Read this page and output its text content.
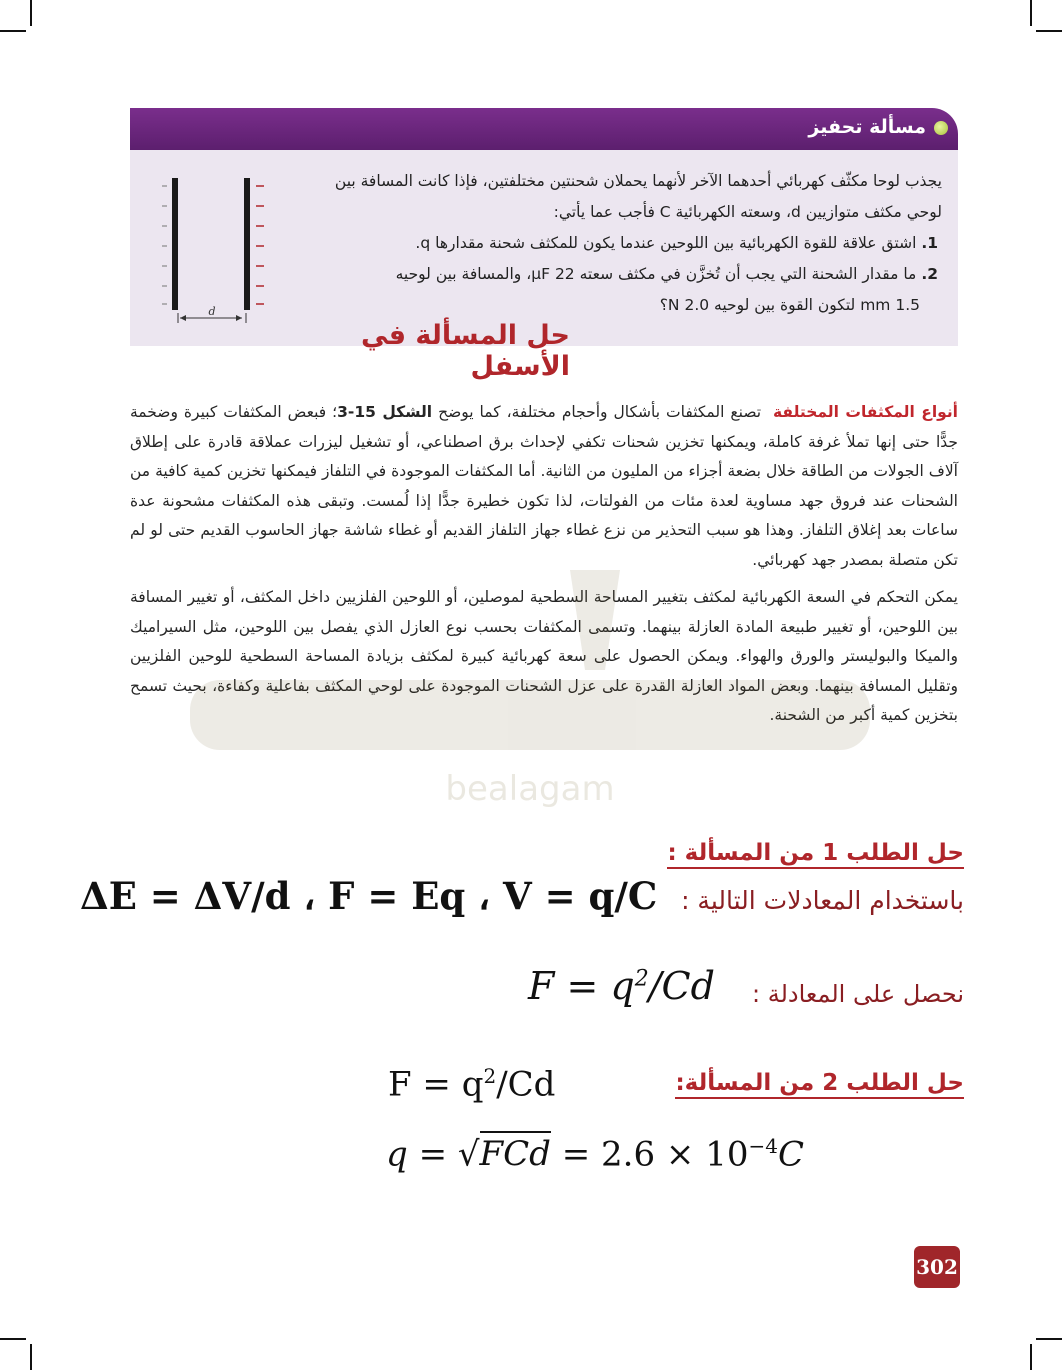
مسألة تحفيز
d

يجذب لوحا مكثّف كهربائي أحدهما الآخر لأنهما يحملان شحنتين مختلفتين، فإذا كانت المسافة بين

لوحي مكثف متوازيين d، وسعته الكهربائية C فأجب عما يأتي:

1. اشتق علاقة للقوة الكهربائية بين اللوحين عندما يكون للمكثف شحنة مقدارها q.

2. ما مقدار الشحنة التي يجب أن تُخزَّن في مكثف سعته 22 μF، والمسافة بين لوحيه

1.5 mm لتكون القوة بين لوحيه 2.0 N؟

حل المسألة في الأسفل

أنواع المكثفات المختلفة  تصنع المكثفات بأشكال وأحجام مختلفة، كما يوضح الشكل 15-3؛ فبعض المكثفات كبيرة وضخمة جدًّا حتى إنها تملأ غرفة كاملة، ويمكنها تخزين شحنات تكفي لإحداث برق اصطناعي، أو تشغيل ليزرات عملاقة قادرة على إطلاق آلاف الجولات من الطاقة خلال بضعة أجزاء من المليون من الثانية. أما المكثفات الموجودة في التلفاز فيمكنها تخزين كمية كافية من الشحنات عند فروق جهد مساوية لعدة مئات من الفولتات، لذا تكون خطيرة جدًّا إذا لُمست. وتبقى هذه المكثفات مشحونة عدة ساعات بعد إغلاق التلفاز. وهذا هو سبب التحذير من نزع غطاء جهاز التلفاز القديم أو غطاء شاشة جهاز الحاسوب القديم حتى لو لم تكن متصلة بمصدر جهد كهربائي.

يمكن التحكم في السعة الكهربائية لمكثف بتغيير المساحة السطحية لموصلين، أو اللوحين الفلزيين داخل المكثف، أو تغيير المسافة بين اللوحين، أو تغيير طبيعة المادة العازلة بينهما. وتسمى المكثفات بحسب نوع العازل الذي يفصل بين اللوحين، مثل السيراميك والميكا والبوليستر والورق والهواء. ويمكن الحصول على سعة كهربائية كبيرة لمكثف بزيادة المساحة السطحية للوحين الفلزيين وتقليل المسافة بينهما. وبعض المواد العازلة القدرة على عزل الشحنات الموجودة على لوحي المكثف بفاعلية وكفاءة، بحيث تسمح بتخزين كمية أكبر من الشحنة.

bealagam
حل الطلب 1 من المسألة :
باستخدام المعادلات التالية :
ΔE = ΔV/d ، F = Eq ، V = q/C
نحصل على المعادلة :
$F = q^2/Cd$
حل الطلب 2 من المسألة:
$F = q^2/Cd$
$q = √FCd = 2.6 \times 10^{-4}C$
302
